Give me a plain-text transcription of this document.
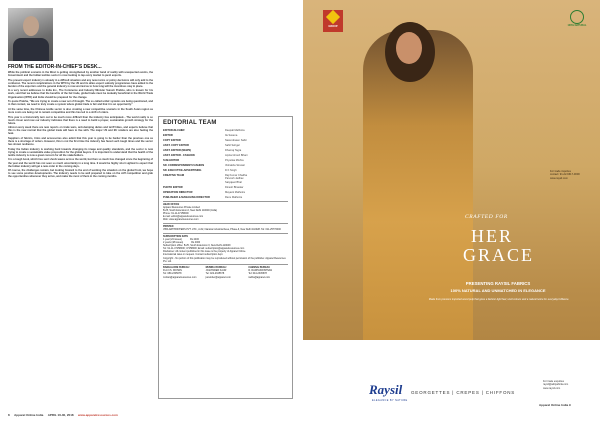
FROM THE EDITOR-IN-CHIEF'S DESK...

While the political scenario in the West is getting strengthened by another band of reality with unexpected events, the Government and the Indian textiles sector is now looking to tap every market to push exports.

The present export industry is already in a difficult situation and any new norms or policy decisions will only add to the confusion. The recent complications in the WTO by the US and its allies export subsidy programmes have added to the burden of the exporters and the general industry is now worried as to how long will the incentives stay in place.

In a very recent addresses to India Inc., The Commerce and Industry Minister Suresh Prabhu, who is known for his work, said that we believe that the benefits of the fair trade, global trade must be mutually beneficial in the World Trade Organisation (WTO) and India should be prepared for the change.

To quote Prabhu, "We are trying to create a new set of thought. The so-called unfair systems are being questioned, and in that context, we need to truly create a system where global trade is fair and that it is an opportunity."

At the same time, the Chinese textile sector is also creating a new competitive scenario in the South Asian region as more costs are being cut to remain competitive and this has led to a shift of orders.

This year is a historically turn out to be much more difficult than the industry has anticipated... The world really is so much closer and now our industry indicates that there is a need to build a proper, sustainable growth strategy for the future.

Almost every week there are new reports on trade wars, anti-dumping duties and tariff hikes, and experts believe that this is the new normal that the global trade will have to live with. The major US and EU retailers are also feeling the heat.

Suppliers of fabrics, trims and accessories also admit that this year is going to be harder than the previous one as there is a shortage of orders. However, this is not the first time the industry has faced such tough times and the sector has shown resilience.

Today the Indian industry is working hard towards changing its image and quality standards, and the sector is now trying to create a sustainable value proposition for the global buyers. It is important to understand that the health of the textile industry is now a great concern for all the stakeholders.

It is a tough book, which has sent shock waves across the world, but then so much has changed since the beginning of the year and the world has not seen so much uncertainty in a long time. It would be highly short sighted to expect that the Indian industry will get a new order in the coming days.

Of course, the challenges remain, but looking forward to the end of working the situation on the global front, we hope to see some positive developments. The industry needs to be well prepared to take on the stiff competition and grab the opportunities whenever they arrive, and make the most of them in the coming months.

8 Apparel Online India APRIL 16-30, 2018 www.apparelresources.com
EDITORIAL TEAM
EDITOR-IN-CHIEF	Deepali Malhotra
EDITOR	Ila Saxena
COPY EDITOR	Narendrasen Sabir
ASST. COPY EDITOR	Sahil Sehgal
ASST. EDITOR (NEWS)	Dhanraj Tagra
ASST. EDITOR - FASHION	Arpita Ghosh Bihari
SUB-EDITOR	Priyanka Mishra
SR. CORRESPONDENT-FASHION	Vishakha Sinwari
SR. EXECUTIVE-ADVERTISING	D K Singh
CREATIVE TEAM	Raj Kumar Chadha
Parvesh Jadhav
Satyajeet Bhal
PHOTO EDITOR	Dinesh Bhaskar
OPERATION DIRECTOR	Mayank Malhotra
PUBLISHER & MANAGING DIRECTOR	Renu Malhotra
HEAD OFFICE
Apparel Resources Private Limited
B-25, South Extension-II, New Delhi 110049 (India)
Phone: 91-11-47158000
E-mail: editor@apparelresources.com
Web: www.apparelresources.com
PRINTED
VIBA ARTPRINTERS PVT. LTD., A-62, Naraina Industrial Area, Phase-II, New Delhi 110028. Tel: 011-25770000
SUBSCRIPTION RATE
1 year (24 issues)	Rs 2400
2 years (48 issues)	Rs 4000
Subscription office: B-25, South Extension II, New Delhi-110049
Tel: 91-11-47158000; 47158000; Email: subscription@apparelresources.com
Disclaimer: All content published in this issue is the property of Apparel Online.
International rates on request. Contact subscription dept.
Copyright - No portion of this publication may be reproduced without permission of the publisher. Apparel Resources Pvt. Ltd.
BANGALORE BUREAU
R.A.N.S. MOHAN
Tel: 080-2345678
mohan@apparelresources.com
MUMBAI BUREAU
JASVINDER KAUR
Tel: 022-2345678
jasvinder@apparel.com
CHENNAI BUREAU
R. RADHAKRISHNAN
Tel: 044-2345678
radha@apparel.com
GROUP	100% NATURAL
CRAFTED FOR
HER
GRACE
PRESENTING RAYSIL FABRICS
100% NATURAL AND UNMATCHED IN ELEGANCE
Made from premium imported wood pulp that gives a fashion-light feel, vivid colours and a natural lustre for everyday brilliance.
For trade inquiries
contact: 91-22-6617-0000
www.raysil.com
Raysil
ELEGANCE BY NATURE
GEORGETTES | CREPES | CHIFFONS
For trade enquiries
raysil@adityabirla.com
www.raysil.com
Apparel Online India 9
